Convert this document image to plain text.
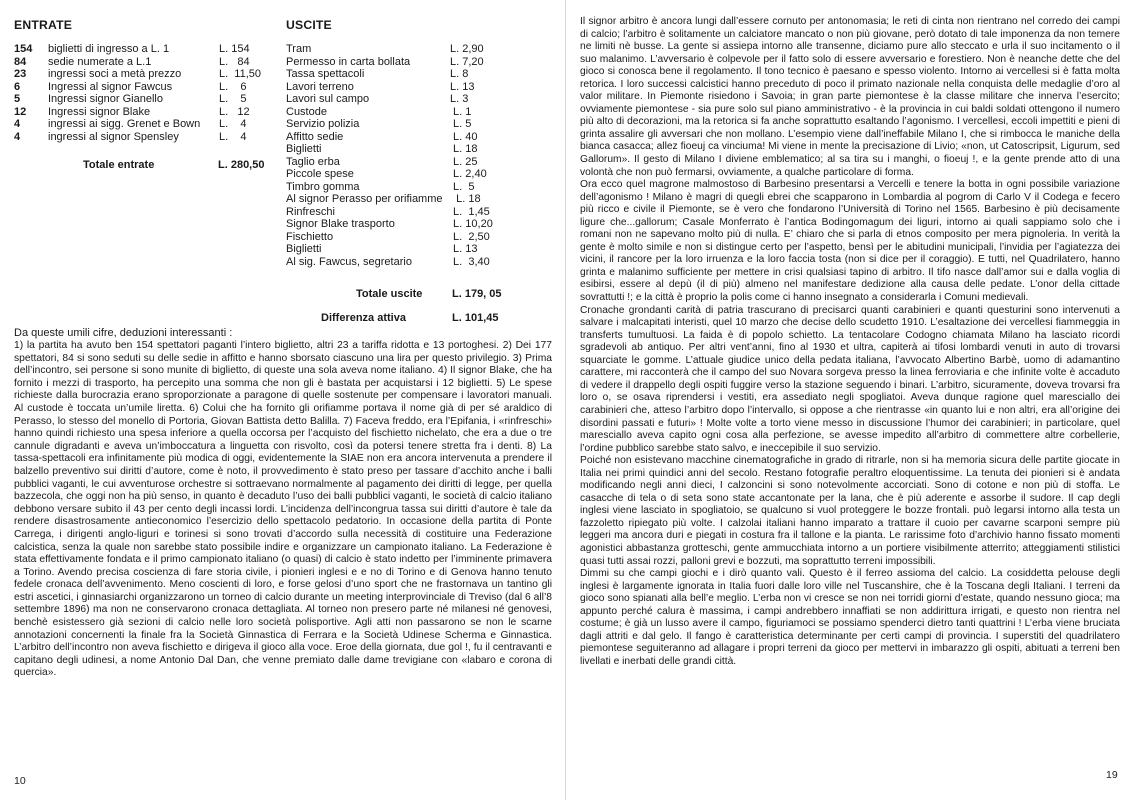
ENTRATE	USCITE
154 biglietti di ingresso a L. 1	L. 154
84 sedie numerate a L.1	L.   84
23 ingressi soci a metà prezzo	L.  11,50
6	Ingressi al signor Fawcus	L.    6
5	Ingressi signor Gianello	L.    5
12 Ingressi signor Blake	L.   12
4	ingressi ai sigg. Grenet e Bown L.    4
4	ingressi al signor Spensley	L.    4
Tram	L. 2,90
Permesso in carta bollata	L. 7,20
Tassa spettacoli	L. 8
Lavori terreno	L. 13
Lavori sul campo	L. 3
Custode	L. 1
Servizio polizia	L. 5
Affitto sedie	L. 40
Biglietti	L. 18
Taglio erba	L. 25
Piccole spese	L. 2,40
Timbro gomma	L.  5
Al signor Perasso per orifiamme L. 18
Rinfreschi	L.  1,45
Signor Blake trasporto	L. 10,20
Fischietto	L.  2,50
Biglietti	L. 13
Al sig. Fawcus, segretario	L.  3,40
Totale entrate	L. 280,50
Totale uscite	L. 179, 05
Differenza attiva	L. 101,45
Da queste umili cifre, deduzioni interessanti :
1) la partita ha avuto ben 154 spettatori paganti l’intero biglietto, altri 23 a tariffa ridotta e 13 portoghesi. 2) Dei 177 spettatori, 84 si sono seduti su delle sedie in affitto e hanno sborsato ciascuno una lira per questo privilegio. 3) Prima dell’incontro, sei persone si sono munite di biglietto, di queste una sola aveva nome italiano. 4) Il signor Blake, che ha fornito i mezzi di trasporto, ha percepito una somma che non gli è bastata per acquistarsi i 12 biglietti. 5) Le spese richieste dalla burocrazia erano sproporzionate a paragone di quelle sostenute per compensare i lavoratori manuali. Al custode è toccata un’umile liretta. 6) Colui che ha fornito gli orifiamme portava il nome già di per sé araldico di Perasso, lo stesso del monello di Portoria, Giovan Battista detto Balilla. 7) Faceva freddo, era l’Epifania, i «rinfreschi» hanno quindi richiesto una spesa inferiore a quella occorsa per l’acquisto del fischietto nichelato, che era a due o tre cannule digradanti e aveva un’imboccatura a linguetta con risvolto, così da potersi tenere stretta fra i denti. 8) La tassa-spettacoli era infinitamente più modica di oggi, evidentemente la SIAE non era ancora intervenuta a prendere il balzello preventivo sui diritti d’autore, come è noto, il provvedimento è stato preso per tassare d’acchito anche i balli pubblici vaganti, le cui avventurose orchestre si sottraevano normalmente al pagamento dei diritti di legge, per quella bazzecola, che oggi non ha più senso, in quanto è decaduto l’uso dei balli pubblici vaganti, le società di calcio italiano debbono versare subito il 43 per cento degli incassi lordi. L’incidenza dell’incongrua tassa sui diritti d’autore è tale da rendere disastrosamente antieconomico l’esercizio dello spettacolo pedatorio. In occasione della partita di Ponte Carrega, i dirigenti anglo-liguri e torinesi si sono trovati d’accordo sulla necessità di costituire una Federazione calcistica, senza la quale non sarebbe stato possibile indire e organizzare un campionato italiano. La Federazione è stata effettivamente fondata e il primo campionato italiano (o quasi) di calcio è stato indetto per l’imminente primavera a Torino. Avendo precisa coscienza di fare storia civile, i pionieri inglesi e e no di Torino e di Genova hanno tenuto fedele cronaca dell’avvenimento. Meno coscienti di loro, e forse gelosi d’uno sport che ne frastornava un tantino gli estri ascetici, i ginnasiarchi organizzarono un torneo di calcio durante un meeting interprovinciale di Treviso (dal 6 all’8 settembre 1896) ma non ne conservarono cronaca dettagliata. Al torneo non presero parte né milanesi né genovesi, benchè esistessero già sezioni di calcio nelle loro società polisportive. Agli atti non passarono se non le scarne annotazioni concernenti la finale fra la Società Ginnastica di Ferrara e la Società Udinese Scherma e Ginnastica. L’arbitro dell’incontro non aveva fischietto e dirigeva il gioco alla voce. Eroe della giornata, due gol !, fu il centravanti e capitano degli udinesi, a nome Antonio Dal Dan, che venne premiato dalle dame trevigiane con «labaro e corona di quercia».
10

Il signor arbitro è ancora lungi dall’essere cornuto per antonomasia; le reti di cinta non rientrano nel corredo dei campi di calcio; l’arbitro è solitamente un calciatore mancato o non più giovane, però dotato di tale imponenza da non temere ne limiti nè busse. La gente si assiepa intorno alle transenne, diciamo pure allo steccato e urla il suo incitamento o il suo malanimo. L’avversario è colpevole per il fatto solo di essere avversario e forestiero. Non è neanche dette che del gioco si conosca bene il regolamento. Il tono tecnico è paesano e spesso violento. Intorno ai vercellesi si è fatta molta retorica. I loro successi calcistici hanno preceduto di poco il primato nazionale nella conquista delle medaglie d’oro al valor militare. In Piemonte risiedono i Savoia; in gran parte piemontese è la classe militare che innerva l’esercito; ovviamente piemontese - sia pure solo sul piano amministrativo - è la provincia in cui baldi soldati ottengono il numero più alto di decorazioni, ma la retorica si fa anche soprattutto esaltando l’agonismo. I vercellesi, eccoli impettiti e pieni di grinta assalire gli avversari che non mollano. L’esempio viene dall’ineffabile Milano I, che si rimbocca le maniche della bianca casacca; allez fioeuj ca vinciuma! Mi viene in mente la precisazione di Livio; «non, ut Catoscripsit, Ligurum, sed Gallorum». Il gesto di Milano I diviene emblematico; al sa tira su i manghi, o fioeuj !, e la gente prende atto di una volontà che non può fermarsi, ovviamente, a qualche particolare di forma.

Ora ecco quel magrone malmostoso di Barbesino presentarsi a Vercelli e tenere la botta in ogni possibile variazione dell’agonismo ! Milano è magri di quegli ebrei che scapparono in Lombardia al pogrom di Carlo V il Codega e fecero più ricco e civile il Piemonte, se è vero che fondarono l’Università di Torino nel 1565. Barbesino è più decisamente ligure che...gallorum; Casale Monferrato è l’antica Bodingomagum dei liguri, intorno ai quali sappiamo solo che i romani non ne sapevano molto più di nulla. E’ chiaro che si parla di etnos composito per mera pignoleria. In verità la gente è molto simile e non si distingue certo per l’aspetto, bensì per le abitudini municipali, l’invidia per l’agiatezza dei vicini, il rancore per la loro irruenza e la loro faccia tosta (non si dice per il coraggio). E tutti, nel Quadrilatero, hanno grinta e malanimo sufficiente per mettere in crisi qualsiasi tapino di arbitro. Il tifo nasce dall’amor sui e dalla voglia di esibirsi, essere al depù (il di più) almeno nel manifestare dedizione alla causa delle pedate. L’onor della cittade sovrattutti !; e la città è proprio la polis come ci hanno insegnato a considerarla i Comuni medievali.

Cronache grondanti carità di patria trascurano di precisarci quanti carabinieri e quanti questurini sono intervenuti a salvare i malcapitati interisti, quel 10 marzo che decise dello scudetto 1910. L’esaltazione dei vercellesi fiammeggia in transferts tumultuosi. La faida è di popolo schietto. La tentacolare Codogno chiamata Milano ha lasciato ricordi sgradevoli ab antiquo. Per altri vent’anni, fino al 1930 et ultra, capiterà ai tifosi lombardi venuti in auto di trovarsi squarciate le gomme. L’attuale giudice unico della pedata italiana, l’avvocato Albertino Barbè, uomo di adamantino carattere, mi racconterà che il campo del suo Novara sorgeva presso la linea ferroviaria e che infinite volte è accaduto di vedere il drappello degli ospiti fuggire verso la stazione seguendo i binari. L’arbitro, sicuramente, doveva trovarsi fra loro o, se osava riprendersi i vestiti, era assediato negli spogliatoi. Aveva dunque ragione quel maresciallo dei carabinieri che, atteso l’arbitro dopo l’intervallo, si oppose a che rientrasse «in quanto lui e non altri, era all’origine dei disordini passati e futuri» ! Molte volte a torto viene messo in discussione l’humor dei carabinieri; in particolare, quel maresciallo aveva capito ogni cosa alla perfezione, se avesse impedito all’arbitro di commettere altre corbellerie, l’ordine pubblico sarebbe stato salvo, e ineccepibile il suo servizio.

Poiché non esistevano macchine cinematografiche in grado di ritrarle, non si ha memoria sicura delle partite giocate in Italia nei primi quindici anni del secolo. Restano fotografie peraltro eloquentissime. La tenuta dei pionieri si è andata modificando negli anni dieci, I calzoncini si sono notevolmente accorciati. Sono di cotone e non più di stoffa. Le casacche di tela o di seta sono state accantonate per la lana, che è più aderente e assorbe il sudore. Il cap degli inglesi viene lasciato in spogliatoio, se qualcuno si vuol proteggere le bozze frontali. può legarsi intorno alla testa un fazzoletto ripiegato più volte. I calzolai italiani hanno imparato a trattare il cuoio per cavarne scarponi sempre più leggeri ma ancora duri e piegati in costura fra il tallone e la pianta. Le rarissime foto d’archivio hanno fissato momenti agonistici abbastanza grotteschi, gente ammucchiata intorno a un portiere visibilmente atterrito; atteggiamenti stilistici quasi tutti assai rozzi, palloni grevi e bozzuti, ma soprattutto terreni impossibili.

Dimmi su che campi giochi e i dirò quanto vali. Questo è il ferreo assioma del calcio. La cosiddetta pelouse degli inglesi è largamente ignorata in Italia fuori dalle loro ville nel Tuscanshire, che è la Toscana degli Italiani. I terreni da gioco sono spianati alla bell’e meglio. L’erba non vi cresce se non nei torridi giorni d’estate, quando nessuno gioca; ma appunto perché calura è massima, i campi andrebbero innaffiati se non addirittura irrigati, e questo non rientra nel costume; è già un lusso avere il campo, figuriamoci se possiamo spenderci dietro tanti quattrini ! L’erba viene bruciata dagli attriti e dal gelo. Il fango è caratteristica determinante per certi campi di provincia. I superstiti del quadrilatero piemontese seguiteranno ad allagare i propri terreni da gioco per mettervi in imbarazzo gli ospiti, abituati a terreni ben livellati e inerbati delle grandi città.

19
